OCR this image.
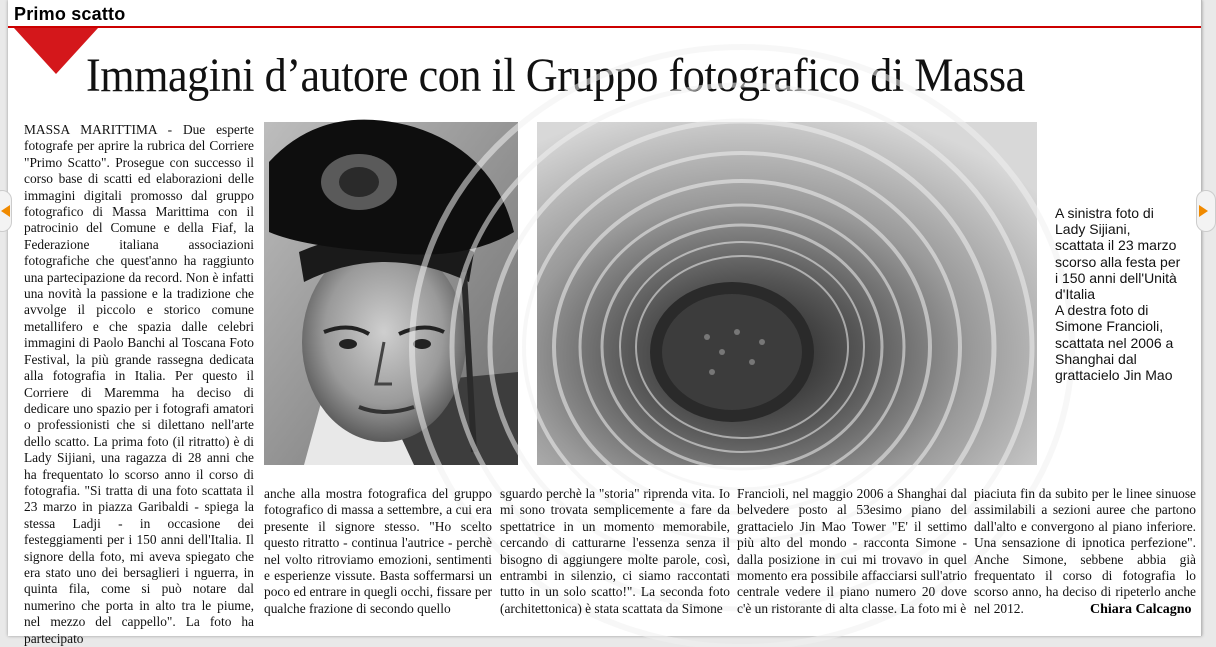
Primo scatto
Immagini d’autore con il Gruppo fotografico di Massa
MASSA MARITTIMA - Due esperte fotografe per aprire la rubrica del Corriere "Primo Scatto". Prosegue con successo il corso base di scatti ed elaborazioni delle immagini digitali promosso dal gruppo fotografico di Massa Marittima con il patrocinio del Comune e della Fiaf, la Federazione italiana associazioni fotografiche che quest'anno ha raggiunto una partecipazione da record. Non è infatti una novità la passione e la tradizione che avvolge il piccolo e storico comune metallifero e che spazia dalle celebri immagini di Paolo Banchi al Toscana Foto Festival, la più grande rassegna dedicata alla fotografia in Italia. Per questo il Corriere di Maremma ha deciso di dedicare uno spazio per i fotografi amatori o professionisti che si dilettano nell'arte dello scatto. La prima foto (il ritratto) è di Lady Sijiani, una ragazza di 28 anni che ha frequentato lo scorso anno il corso di fotografia. "Si tratta di una foto scattata il 23 marzo in piazza Garibaldi - spiega la stessa Ladji - in occasione dei festeggiamenti per i 150 anni dell'Italia. Il signore della foto, mi aveva spiegato che era stato uno dei bersaglieri i nguerra, in quinta fila, come si può notare dal numerino che porta in alto tra le piume, nel mezzo del cappello". La foto ha partecipato
A sinistra foto di
Lady Sijiani,
scattata il 23 marzo
scorso alla festa per
i 150 anni dell'Unità
d'Italia
A destra foto di
Simone Francioli,
scattata nel 2006 a
Shanghai dal
grattacielo Jin Mao
anche alla mostra fotografica del gruppo fotografico di massa a settembre, a cui era presente il signore stesso. "Ho scelto questo ritratto - continua l'autrice - perchè nel volto ritroviamo emozioni, sentimenti e esperienze vissute. Basta soffermarsi un poco ed entrare in quegli occhi, fissare per qualche frazione di secondo quello
sguardo perchè la "storia" riprenda vita. Io mi sono trovata semplicemente a fare da spettatrice in un momento memorabile, cercando di catturarne l'essenza senza il bisogno di aggiungere molte parole, così, entrambi in silenzio, ci siamo raccontati tutto in un solo scatto!". La seconda foto (architettonica) è stata scattata da Simone
Francioli, nel maggio 2006 a Shanghai dal belvedere posto al 53esimo piano del grattacielo Jin Mao Tower "E' il settimo più alto del mondo - racconta Simone - dalla posizione in cui mi trovavo in quel momento era possibile affacciarsi sull'atrio centrale vedere il piano numero 20 dove c'è un ristorante di alta classe. La foto mi è
piaciuta fin da subito per le linee sinuose assimilabili a sezioni auree che partono dall'alto e convergono al piano inferiore. Una sensazione di ipnotica perfezione". Anche Simone, sebbene abbia già frequentato il corso di fotografia lo scorso anno, ha deciso di ripeterlo anche nel 2012.	Chiara Calcagno
